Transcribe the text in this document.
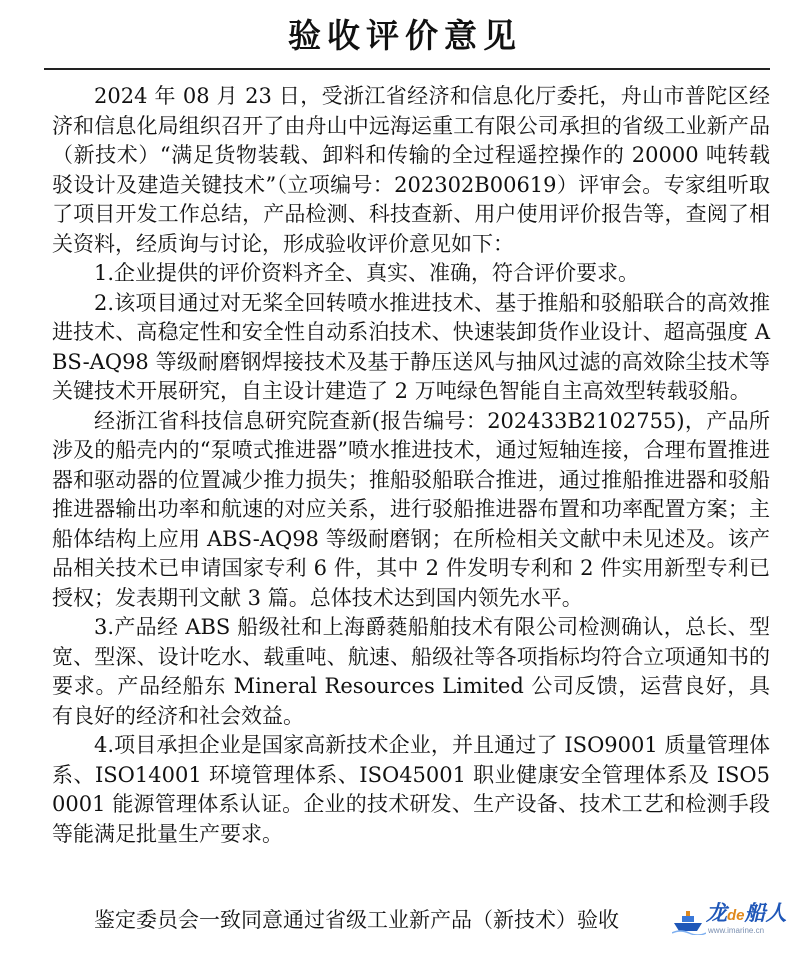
验收评价意见

2024 年 08 月 23 日，受浙江省经济和信息化厅委托，舟山市普陀区经济和信息化局组织召开了由舟山中远海运重工有限公司承担的省级工业新产品（新技术）“满足货物装载、卸料和传输的全过程遥控操作的 20000 吨转载驳设计及建造关键技术”（立项编号：202302B00619）评审会。专家组听取了项目开发工作总结，产品检测、科技查新、用户使用评价报告等，查阅了相关资料，经质询与讨论，形成验收评价意见如下：

1.企业提供的评价资料齐全、真实、准确，符合评价要求。

2.该项目通过对无桨全回转喷水推进技术、基于推船和驳船联合的高效推进技术、高稳定性和安全性自动系泊技术、快速装卸货作业设计、超高强度 ABS-AQ98 等级耐磨钢焊接技术及基于静压送风与抽风过滤的高效除尘技术等关键技术开展研究，自主设计建造了 2 万吨绿色智能自主高效型转载驳船。

经浙江省科技信息研究院查新(报告编号：202433B2102755)，产品所涉及的船壳内的“泵喷式推进器”喷水推进技术，通过短轴连接，合理布置推进器和驱动器的位置减少推力损失；推船驳船联合推进，通过推船推进器和驳船推进器输出功率和航速的对应关系，进行驳船推进器布置和功率配置方案；主船体结构上应用 ABS-AQ98 等级耐磨钢；在所检相关文献中未见述及。该产品相关技术已申请国家专利 6 件，其中 2 件发明专利和 2 件实用新型专利已授权；发表期刊文献 3 篇。总体技术达到国内领先水平。

3.产品经 ABS 船级社和上海爵蕤船舶技术有限公司检测确认，总长、型宽、型深、设计吃水、载重吨、航速、船级社等各项指标均符合立项通知书的要求。产品经船东 Mineral Resources Limited 公司反馈，运营良好，具有良好的经济和社会效益。

4.项目承担企业是国家高新技术企业，并且通过了 ISO9001 质量管理体系、ISO14001 环境管理体系、ISO45001 职业健康安全管理体系及 ISO50001 能源管理体系认证。企业的技术研发、生产设备、技术工艺和检测手段等能满足批量生产要求。

鉴定委员会一致同意通过省级工业新产品（新技术）验收	龙de船人
www.imarine.cn
